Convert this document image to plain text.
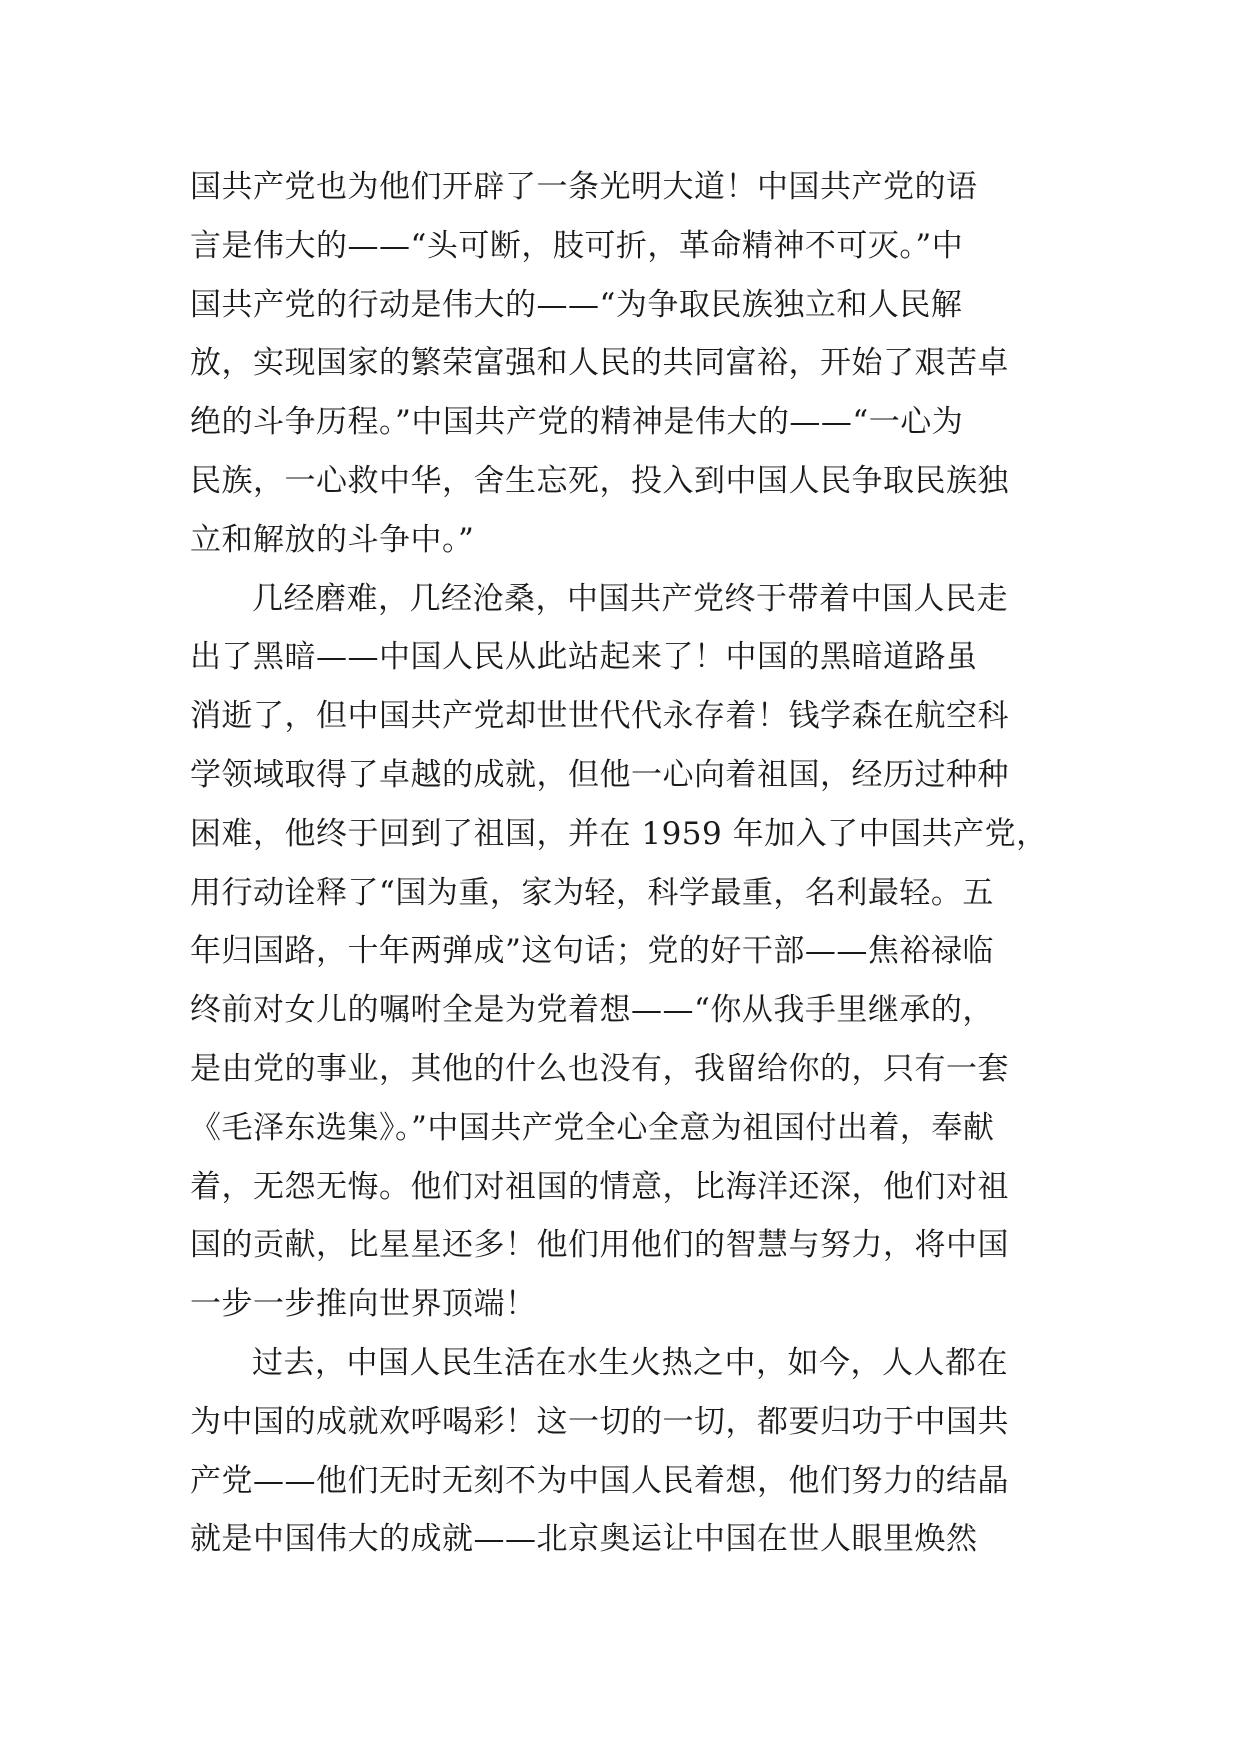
国共产党也为他们开辟了一条光明大道！中国共产党的语
言是伟大的——“头可断，肢可折，革命精神不可灭。”中
国共产党的行动是伟大的——“为争取民族独立和人民解
放，实现国家的繁荣富强和人民的共同富裕，开始了艰苦卓
绝的斗争历程。”中国共产党的精神是伟大的——“一心为
民族，一心救中华，舍生忘死，投入到中国人民争取民族独
立和解放的斗争中。”
几经磨难，几经沧桑，中国共产党终于带着中国人民走
出了黑暗——中国人民从此站起来了！中国的黑暗道路虽
消逝了，但中国共产党却世世代代永存着！钱学森在航空科
学领域取得了卓越的成就，但他一心向着祖国，经历过种种
困难，他终于回到了祖国，并在 1959 年加入了中国共产党，
用行动诠释了“国为重，家为轻，科学最重，名利最轻。五
年归国路，十年两弹成”这句话；党的好干部——焦裕禄临
终前对女儿的嘱咐全是为党着想——“你从我手里继承的，
是由党的事业，其他的什么也没有，我留给你的，只有一套
《毛泽东选集》。”中国共产党全心全意为祖国付出着，奉献
着，无怨无悔。他们对祖国的情意，比海洋还深，他们对祖
国的贡献，比星星还多！他们用他们的智慧与努力，将中国
一步一步推向世界顶端！
过去，中国人民生活在水生火热之中，如今，人人都在
为中国的成就欢呼喝彩！这一切的一切，都要归功于中国共
产党——他们无时无刻不为中国人民着想，他们努力的结晶
就是中国伟大的成就——北京奥运让中国在世人眼里焕然
